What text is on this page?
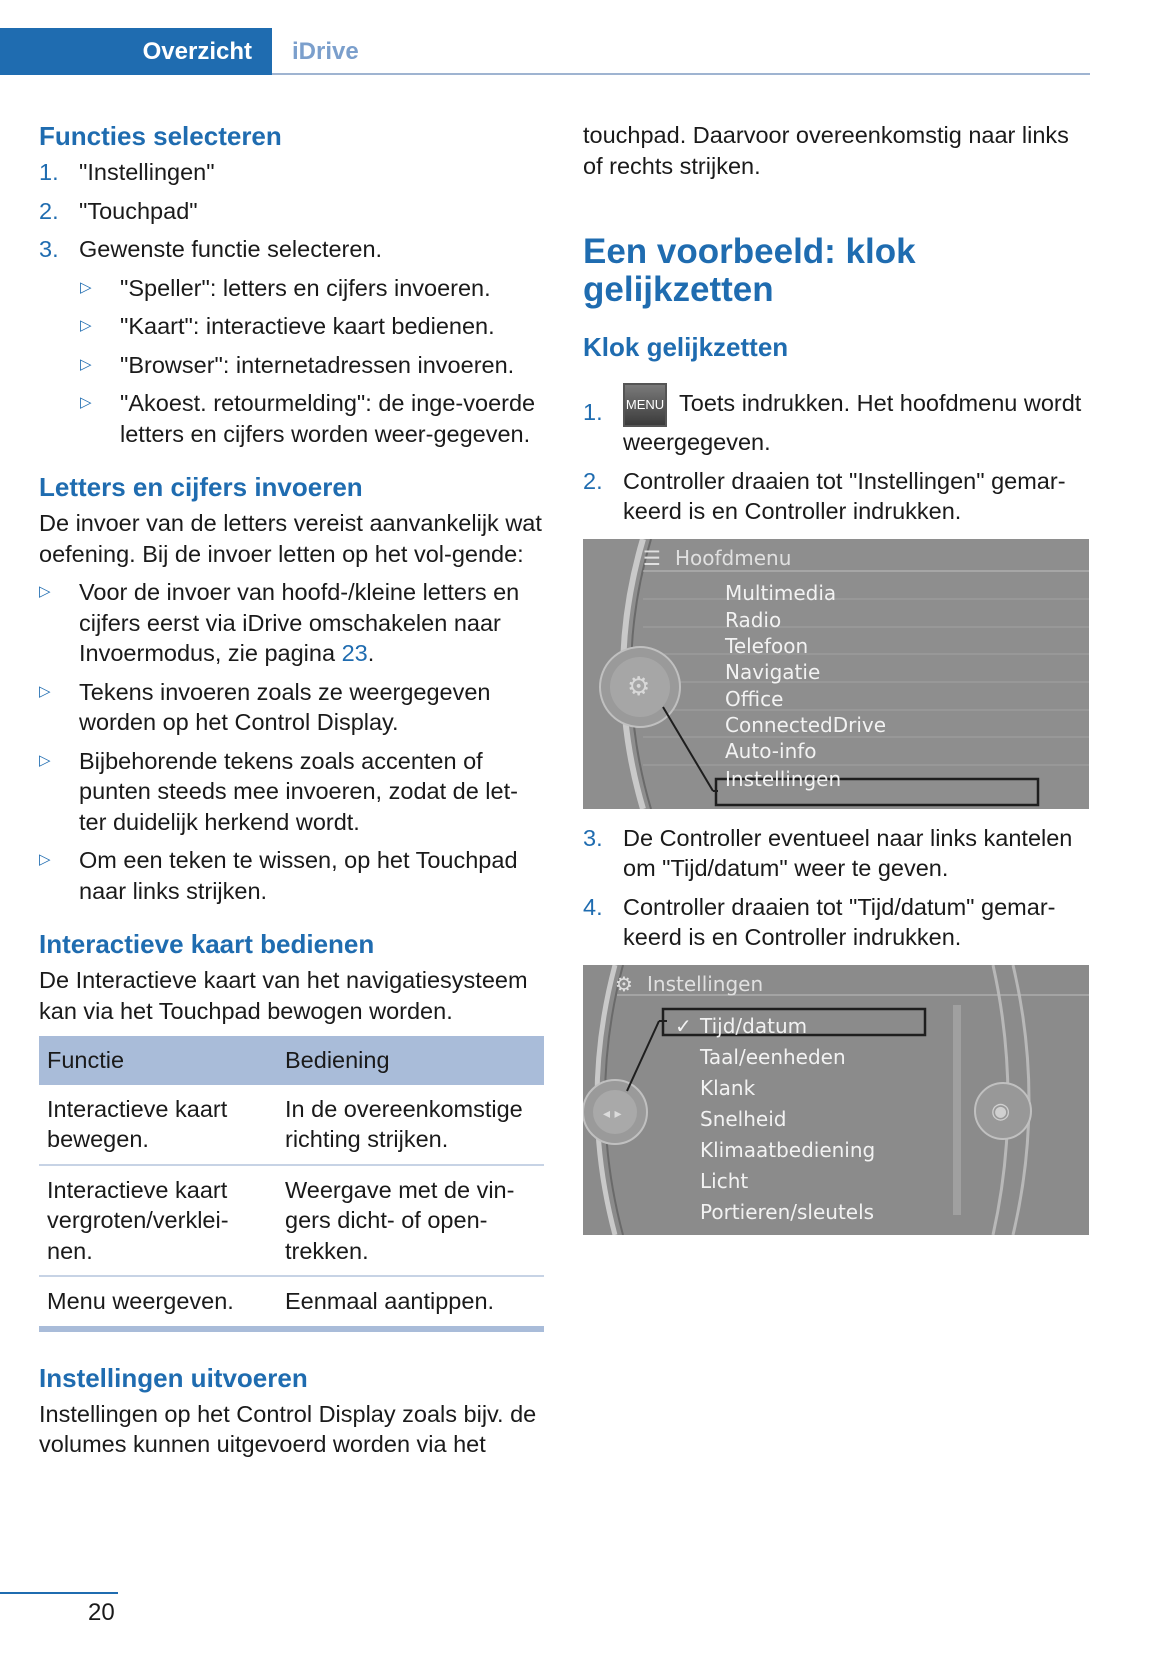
Overzicht iDrive
Functies selecteren
1. "Instellingen"
2. "Touchpad"
3. Gewenste functie selecteren.
▷	"Speller": letters en cijfers invoeren.
▷	"Kaart": interactieve kaart bedienen.
▷	"Browser": internetadressen invoeren.
▷	"Akoest. retourmelding": de inge-voerde letters en cijfers worden weer-gegeven.
Letters en cijfers invoeren

De invoer van de letters vereist aanvankelijk wat oefening. Bij de invoer letten op het vol-gende:

▷	Voor de invoer van hoofd-/kleine letters en cijfers eerst via iDrive omschakelen naar Invoermodus, zie pagina 23.
▷	Tekens invoeren zoals ze weergegeven worden op het Control Display.
▷	Bijbehorende tekens zoals accenten of punten steeds mee invoeren, zodat de let-ter duidelijk herkend wordt.
▷	Om een teken te wissen, op het Touchpad naar links strijken.
Interactieve kaart bedienen

De Interactieve kaart van het navigatiesysteem kan via het Touchpad bewogen worden.

Functie	Bediening
Interactieve kaart bewegen.	In de overeenkomstige richting strijken.
Interactieve kaart vergroten/verklei-nen.	Weergave met de vin-gers dicht- of open-trekken.
Menu weergeven.	Eenmaal aantippen.
Instellingen uitvoeren

Instellingen op het Control Display zoals bijv. de volumes kunnen uitgevoerd worden via het

touchpad. Daarvoor overeenkomstig naar links of rechts strijken.

Een voorbeeld: klok gelijkzetten
Klok gelijkzetten
1.	MENU Toets indrukken. Het hoofdmenu wordt weergegeven.
2. Controller draaien tot "Instellingen" gemar-keerd is en Controller indrukken.
☰ Hoofdmenu
⚙
Multimedia
Radio
Telefoon
Navigatie
Office
ConnectedDrive
Auto-info
Instellingen
3. De Controller eventueel naar links kantelen om "Tijd/datum" weer te geven.
4. Controller draaien tot "Tijd/datum" gemar-keerd is en Controller indrukken.
⚙ Instellingen
◂ ▸	◉
✓ Tijd/datum
Taal/eenheden
Klank
Snelheid
Klimaatbediening
Licht
Portieren/sleutels
20
